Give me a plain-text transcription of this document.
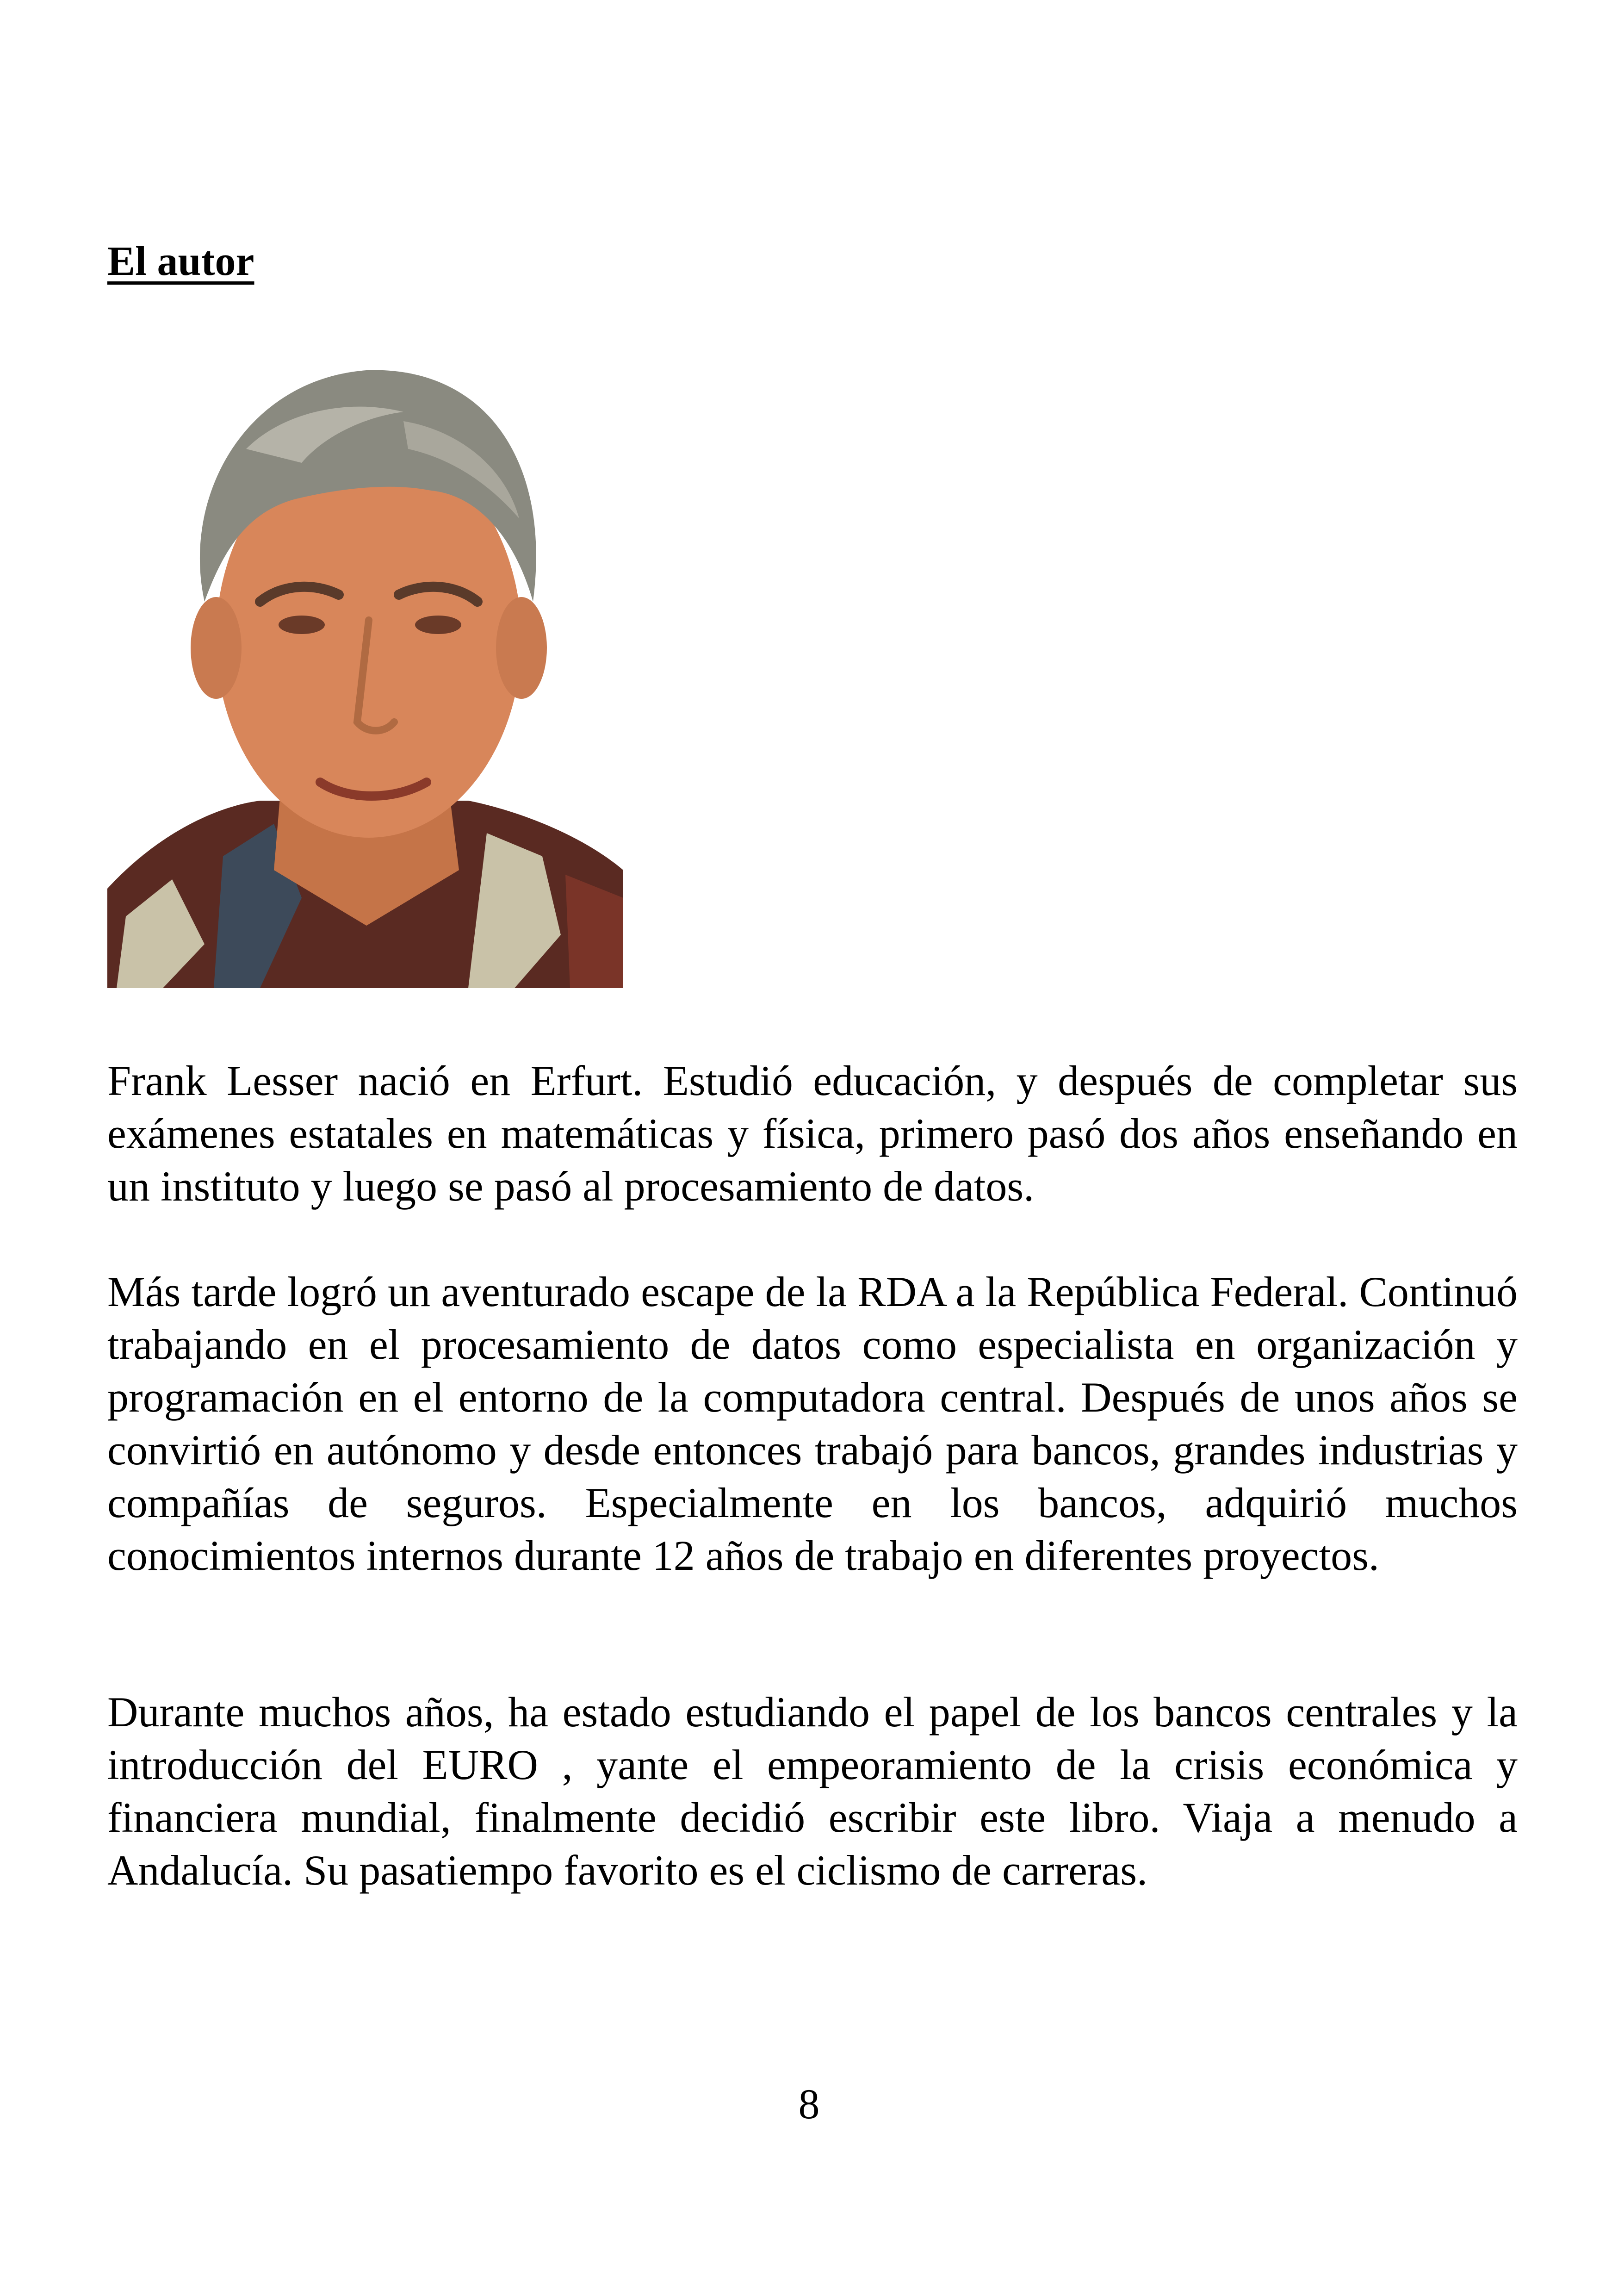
El autor

Frank Lesser nació en Erfurt. Estudió educación, y después de completar sus exámenes estatales en matemáticas y física, primero pasó dos años enseñando en un instituto y luego se pasó al procesamiento de datos.

Más tarde logró un aventurado escape de la RDA a la República Federal. Continuó trabajando en el procesamiento de datos como especialista en organización y programación en el entorno de la computadora central. Después de unos años se convirtió en autónomo y desde entonces trabajó para bancos, grandes industrias y compañías de seguros. Especialmente en los bancos, adquirió muchos conocimientos internos durante 12 años de trabajo en diferentes proyectos.

Durante muchos años, ha estado estudiando el papel de los bancos centrales y la introducción del EURO , yante el empeoramiento de la crisis económica y financiera mundial, finalmente decidió escribir este libro. Viaja a menudo a Andalucía. Su pasatiempo favorito es el ciclismo de carreras.

8
